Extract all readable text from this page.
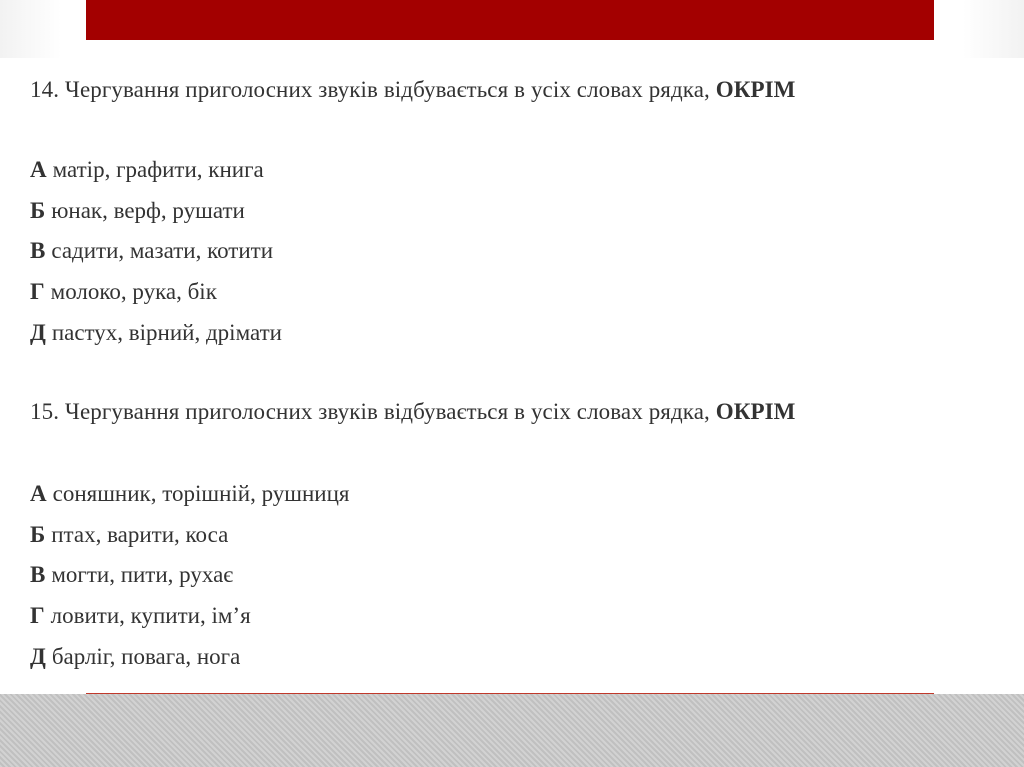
14. Чергування приголосних звуків відбувається в усіх словах рядка, ОКРІМ
А матір, графити, книга
Б юнак, верф, рушати
В садити, мазати, котити
Г молоко, рука, бік
Д пастух, вірний, дрімати
15. Чергування приголосних звуків відбувається в усіх словах рядка, ОКРІМ
А соняшник, торішній, рушниця
Б птах, варити, коса
В могти, пити, рухає
Г ловити, купити, ім’я
Д барліг, повага, нога
